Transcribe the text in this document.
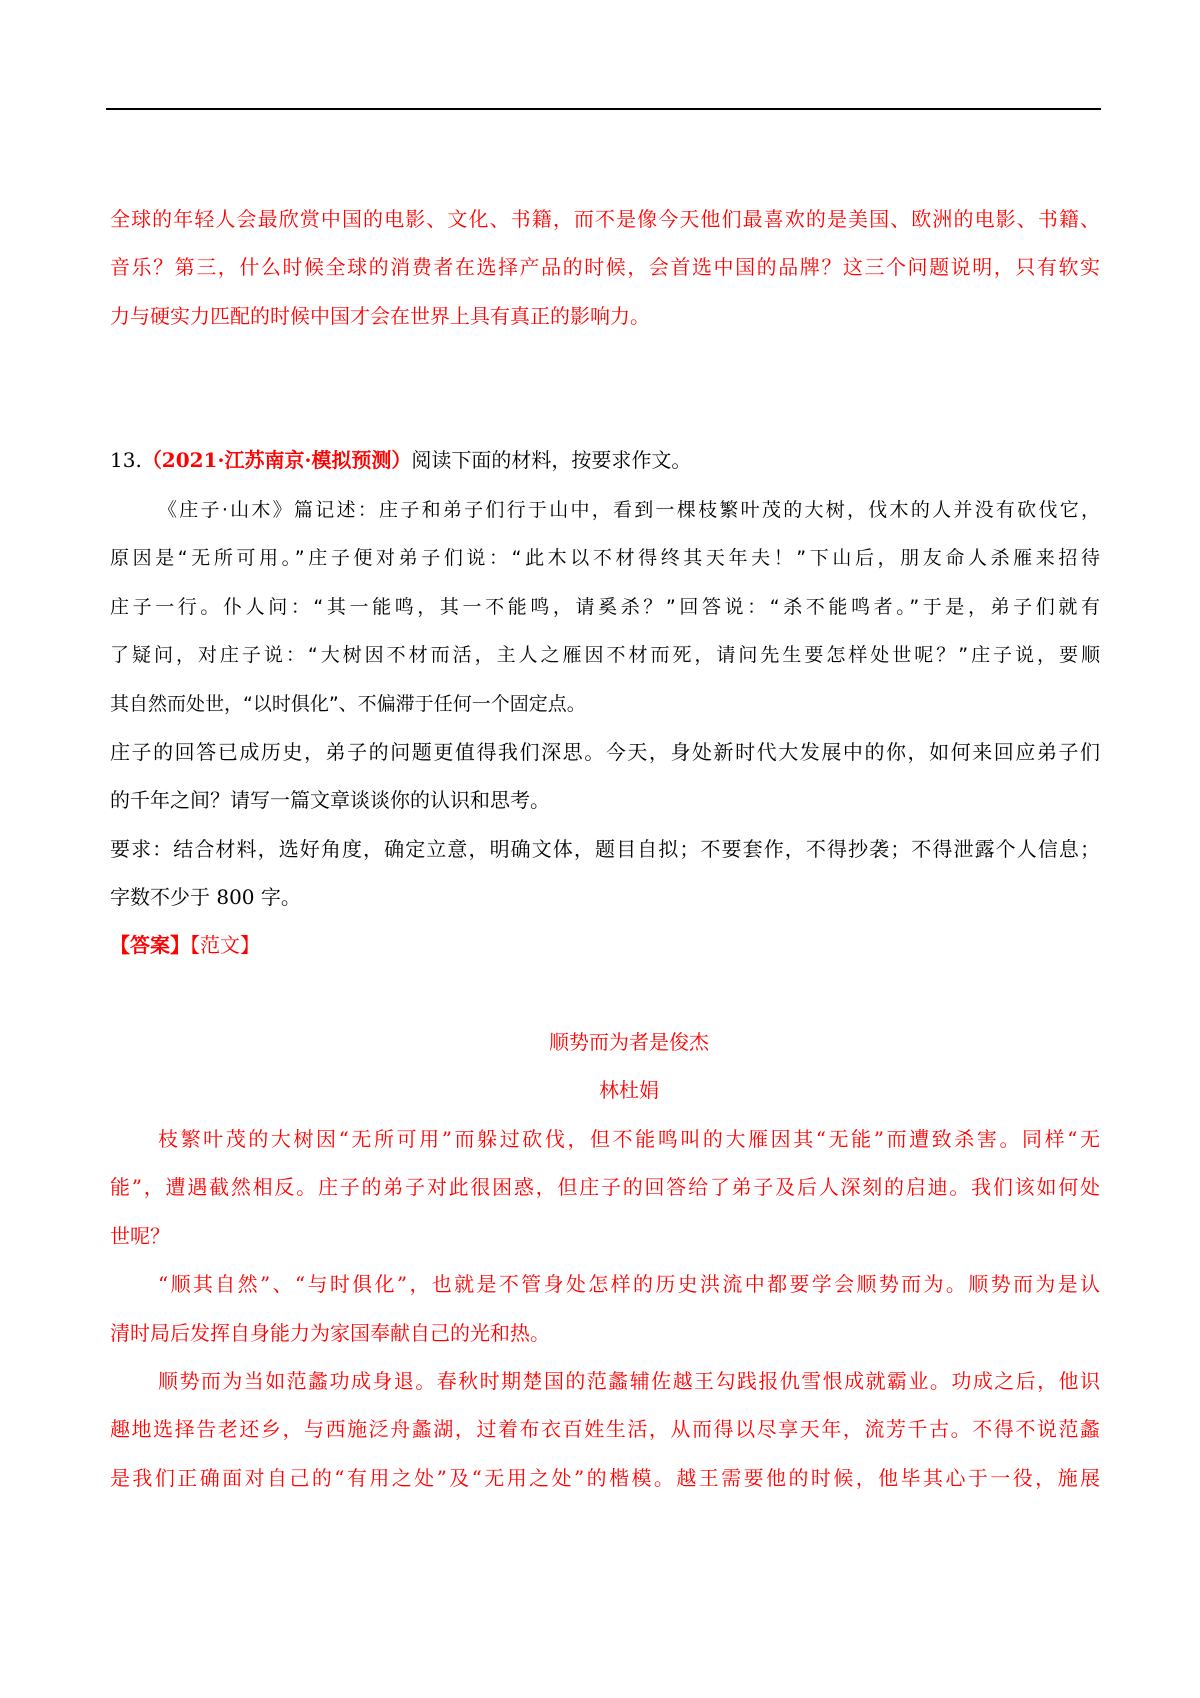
全球的年轻人会最欣赏中国的电影、文化、书籍，而不是像今天他们最喜欢的是美国、欧洲的电影、书籍、
音乐？第三，什么时候全球的消费者在选择产品的时候，会首选中国的品牌？这三个问题说明，只有软实
力与硬实力匹配的时候中国才会在世界上具有真正的影响力。
13.（2021·江苏南京·模拟预测）阅读下面的材料，按要求作文。
《庄子·山木》篇记述：庄子和弟子们行于山中，看到一棵枝繁叶茂的大树，伐木的人并没有砍伐它，
原因是“无所可用。”庄子便对弟子们说：“此木以不材得终其天年夫！”下山后，朋友命人杀雁来招待
庄子一行。仆人问：“其一能鸣，其一不能鸣，请奚杀？”回答说：“杀不能鸣者。”于是，弟子们就有
了疑问，对庄子说：“大树因不材而活，主人之雁因不材而死，请问先生要怎样处世呢？”庄子说，要顺
其自然而处世，“以时俱化”、不偏滞于任何一个固定点。
庄子的回答已成历史，弟子的问题更值得我们深思。今天，身处新时代大发展中的你，如何来回应弟子们
的千年之间？请写一篇文章谈谈你的认识和思考。
要求：结合材料，选好角度，确定立意，明确文体，题目自拟；不要套作，不得抄袭；不得泄露个人信息；
字数不少于 800 字。
【答案】【范文】
顺势而为者是俊杰
林杜娟
枝繁叶茂的大树因“无所可用”而躲过砍伐，但不能鸣叫的大雁因其“无能”而遭致杀害。同样“无
能”，遭遇截然相反。庄子的弟子对此很困惑，但庄子的回答给了弟子及后人深刻的启迪。我们该如何处
世呢？
“顺其自然”、“与时俱化”，也就是不管身处怎样的历史洪流中都要学会顺势而为。顺势而为是认
清时局后发挥自身能力为家国奉献自己的光和热。
顺势而为当如范蠡功成身退。春秋时期楚国的范蠡辅佐越王勾践报仇雪恨成就霸业。功成之后，他识
趣地选择告老还乡，与西施泛舟蠡湖，过着布衣百姓生活，从而得以尽享天年，流芳千古。不得不说范蠡
是我们正确面对自己的“有用之处”及“无用之处”的楷模。越王需要他的时候，他毕其心于一役，施展
